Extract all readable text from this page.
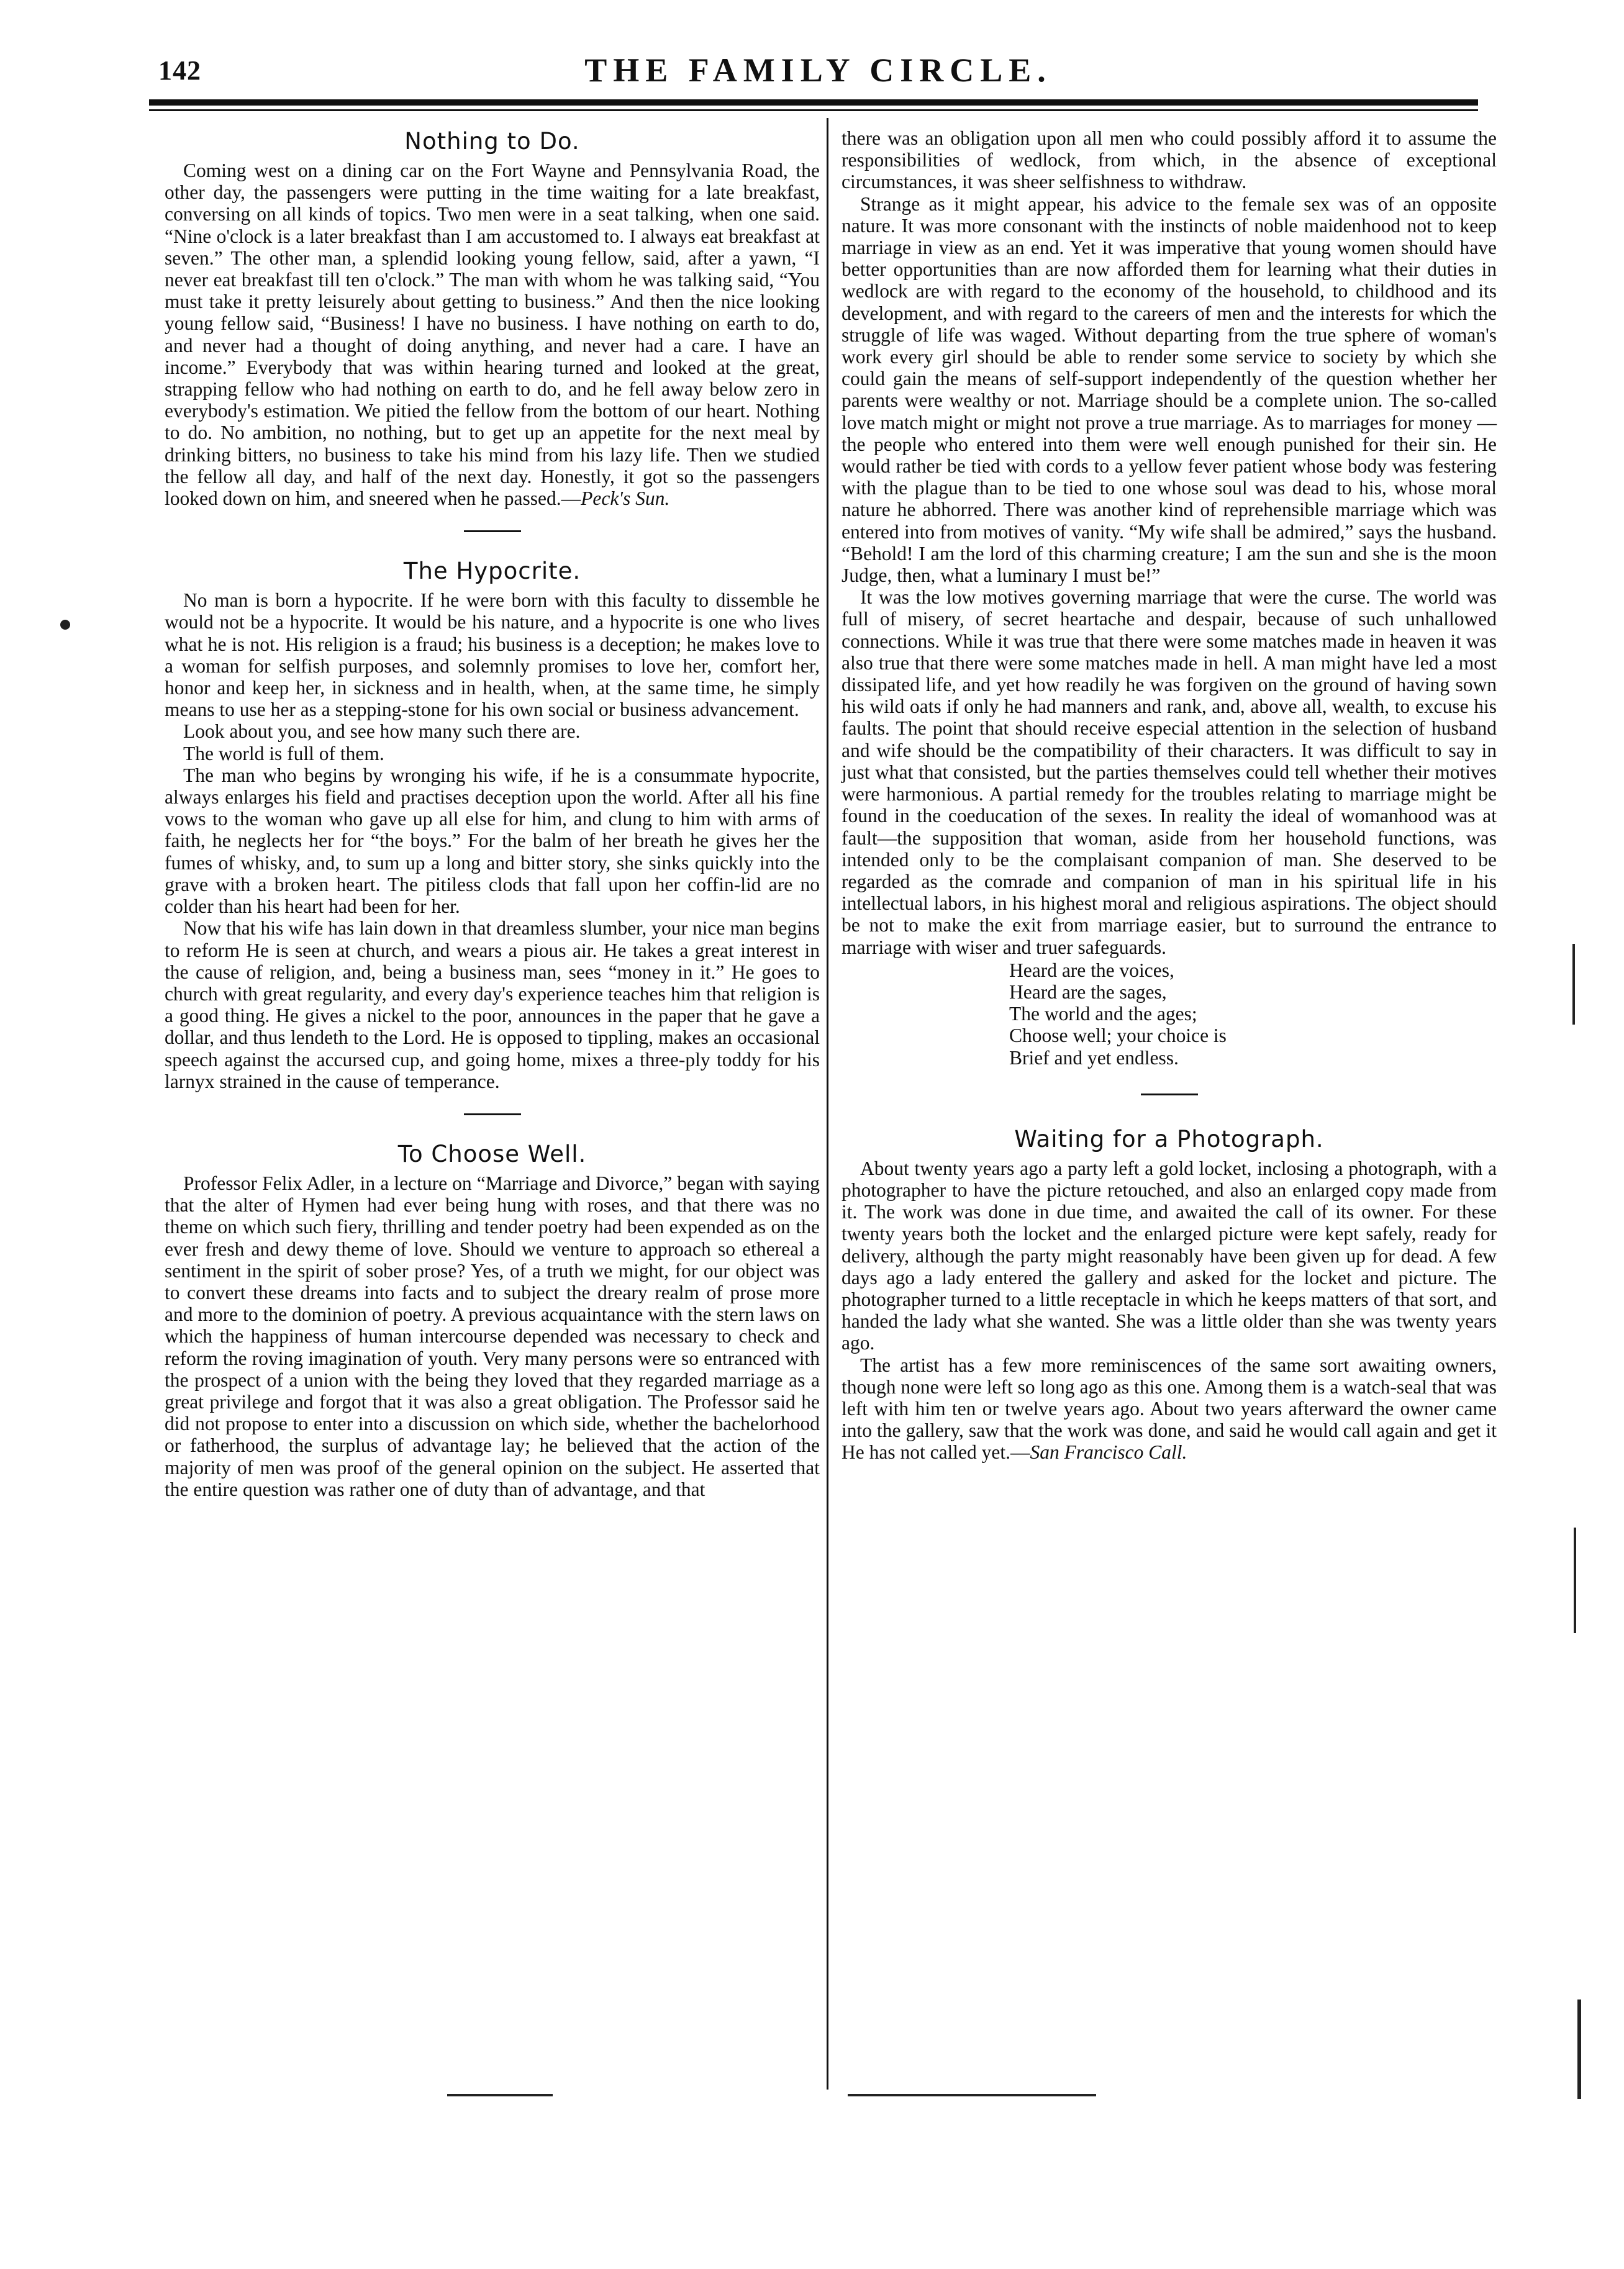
142	THE FAMILY CIRCLE.
Nothing to Do.

Coming west on a dining car on the Fort Wayne and Pennsylvania Road, the other day, the passengers were putting in the time waiting for a late breakfast, conversing on all kinds of topics. Two men were in a seat talking, when one said. “Nine o'clock is a later breakfast than I am accustomed to. I always eat breakfast at seven.” The other man, a splendid looking young fellow, said, after a yawn, “I never eat breakfast till ten o'clock.” The man with whom he was talking said, “You must take it pretty leisurely about getting to business.” And then the nice looking young fellow said, “Business! I have no business. I have nothing on earth to do, and never had a thought of doing anything, and never had a care. I have an income.” Everybody that was within hearing turned and looked at the great, strapping fellow who had nothing on earth to do, and he fell away below zero in everybody's estimation. We pitied the fellow from the bottom of our heart. Nothing to do. No ambition, no nothing, but to get up an appetite for the next meal by drinking bitters, no business to take his mind from his lazy life. Then we studied the fellow all day, and half of the next day. Honestly, it got so the passengers looked down on him, and sneered when he passed.—Peck's Sun.

The Hypocrite.

No man is born a hypocrite. If he were born with this faculty to dissemble he would not be a hypocrite. It would be his nature, and a hypocrite is one who lives what he is not. His religion is a fraud; his business is a deception; he makes love to a woman for selfish purposes, and solemnly promises to love her, comfort her, honor and keep her, in sickness and in health, when, at the same time, he simply means to use her as a stepping-stone for his own social or business advancement.

Look about you, and see how many such there are.

The world is full of them.

The man who begins by wronging his wife, if he is a consummate hypocrite, always enlarges his field and practises deception upon the world. After all his fine vows to the woman who gave up all else for him, and clung to him with arms of faith, he neglects her for “the boys.” For the balm of her breath he gives her the fumes of whisky, and, to sum up a long and bitter story, she sinks quickly into the grave with a broken heart. The pitiless clods that fall upon her coffin-lid are no colder than his heart had been for her.

Now that his wife has lain down in that dreamless slumber, your nice man begins to reform He is seen at church, and wears a pious air. He takes a great interest in the cause of religion, and, being a business man, sees “money in it.” He goes to church with great regularity, and every day's experience teaches him that religion is a good thing. He gives a nickel to the poor, announces in the paper that he gave a dollar, and thus lendeth to the Lord. He is opposed to tippling, makes an occasional speech against the accursed cup, and going home, mixes a three-ply toddy for his larnyx strained in the cause of temperance.

To Choose Well.

Professor Felix Adler, in a lecture on “Marriage and Divorce,” began with saying that the alter of Hymen had ever being hung with roses, and that there was no theme on which such fiery, thrilling and tender poetry had been expended as on the ever fresh and dewy theme of love. Should we venture to approach so ethereal a sentiment in the spirit of sober prose? Yes, of a truth we might, for our object was to convert these dreams into facts and to subject the dreary realm of prose more and more to the dominion of poetry. A previous acquaintance with the stern laws on which the happiness of human intercourse depended was necessary to check and reform the roving imagination of youth. Very many persons were so entranced with the prospect of a union with the being they loved that they regarded marriage as a great privilege and forgot that it was also a great obligation. The Professor said he did not propose to enter into a discussion on which side, whether the bachelorhood or fatherhood, the surplus of advantage lay; he believed that the action of the majority of men was proof of the general opinion on the subject. He asserted that the entire question was rather one of duty than of advantage, and that

there was an obligation upon all men who could possibly afford it to assume the responsibilities of wedlock, from which, in the absence of exceptional circumstances, it was sheer selfishness to withdraw.

Strange as it might appear, his advice to the female sex was of an opposite nature. It was more consonant with the instincts of noble maidenhood not to keep marriage in view as an end. Yet it was imperative that young women should have better opportunities than are now afforded them for learning what their duties in wedlock are with regard to the economy of the household, to childhood and its development, and with regard to the careers of men and the interests for which the struggle of life was waged. Without departing from the true sphere of woman's work every girl should be able to render some service to society by which she could gain the means of self-support independently of the question whether her parents were wealthy or not. Marriage should be a complete union. The so-called love match might or might not prove a true marriage. As to marriages for money —the people who entered into them were well enough punished for their sin. He would rather be tied with cords to a yellow fever patient whose body was festering with the plague than to be tied to one whose soul was dead to his, whose moral nature he abhorred. There was another kind of reprehensible marriage which was entered into from motives of vanity. “My wife shall be admired,” says the husband. “Behold! I am the lord of this charming creature; I am the sun and she is the moon Judge, then, what a luminary I must be!”

It was the low motives governing marriage that were the curse. The world was full of misery, of secret heartache and despair, because of such unhallowed connections. While it was true that there were some matches made in heaven it was also true that there were some matches made in hell. A man might have led a most dissipated life, and yet how readily he was forgiven on the ground of having sown his wild oats if only he had manners and rank, and, above all, wealth, to excuse his faults. The point that should receive especial attention in the selection of husband and wife should be the compatibility of their characters. It was difficult to say in just what that consisted, but the parties themselves could tell whether their motives were harmonious. A partial remedy for the troubles relating to marriage might be found in the coeducation of the sexes. In reality the ideal of womanhood was at fault—the supposition that woman, aside from her household functions, was intended only to be the complaisant companion of man. She deserved to be regarded as the comrade and companion of man in his spiritual life in his intellectual labors, in his highest moral and religious aspirations. The object should be not to make the exit from marriage easier, but to surround the entrance to marriage with wiser and truer safeguards.

Heard are the voices,
Heard are the sages,
The world and the ages;
Choose well; your choice is
Brief and yet endless.
Waiting for a Photograph.

About twenty years ago a party left a gold locket, inclosing a photograph, with a photographer to have the picture retouched, and also an enlarged copy made from it. The work was done in due time, and awaited the call of its owner. For these twenty years both the locket and the enlarged picture were kept safely, ready for delivery, although the party might reasonably have been given up for dead. A few days ago a lady entered the gallery and asked for the locket and picture. The photographer turned to a little receptacle in which he keeps matters of that sort, and handed the lady what she wanted. She was a little older than she was twenty years ago.

The artist has a few more reminiscences of the same sort awaiting owners, though none were left so long ago as this one. Among them is a watch-seal that was left with him ten or twelve years ago. About two years afterward the owner came into the gallery, saw that the work was done, and said he would call again and get it He has not called yet.—San Francisco Call.
